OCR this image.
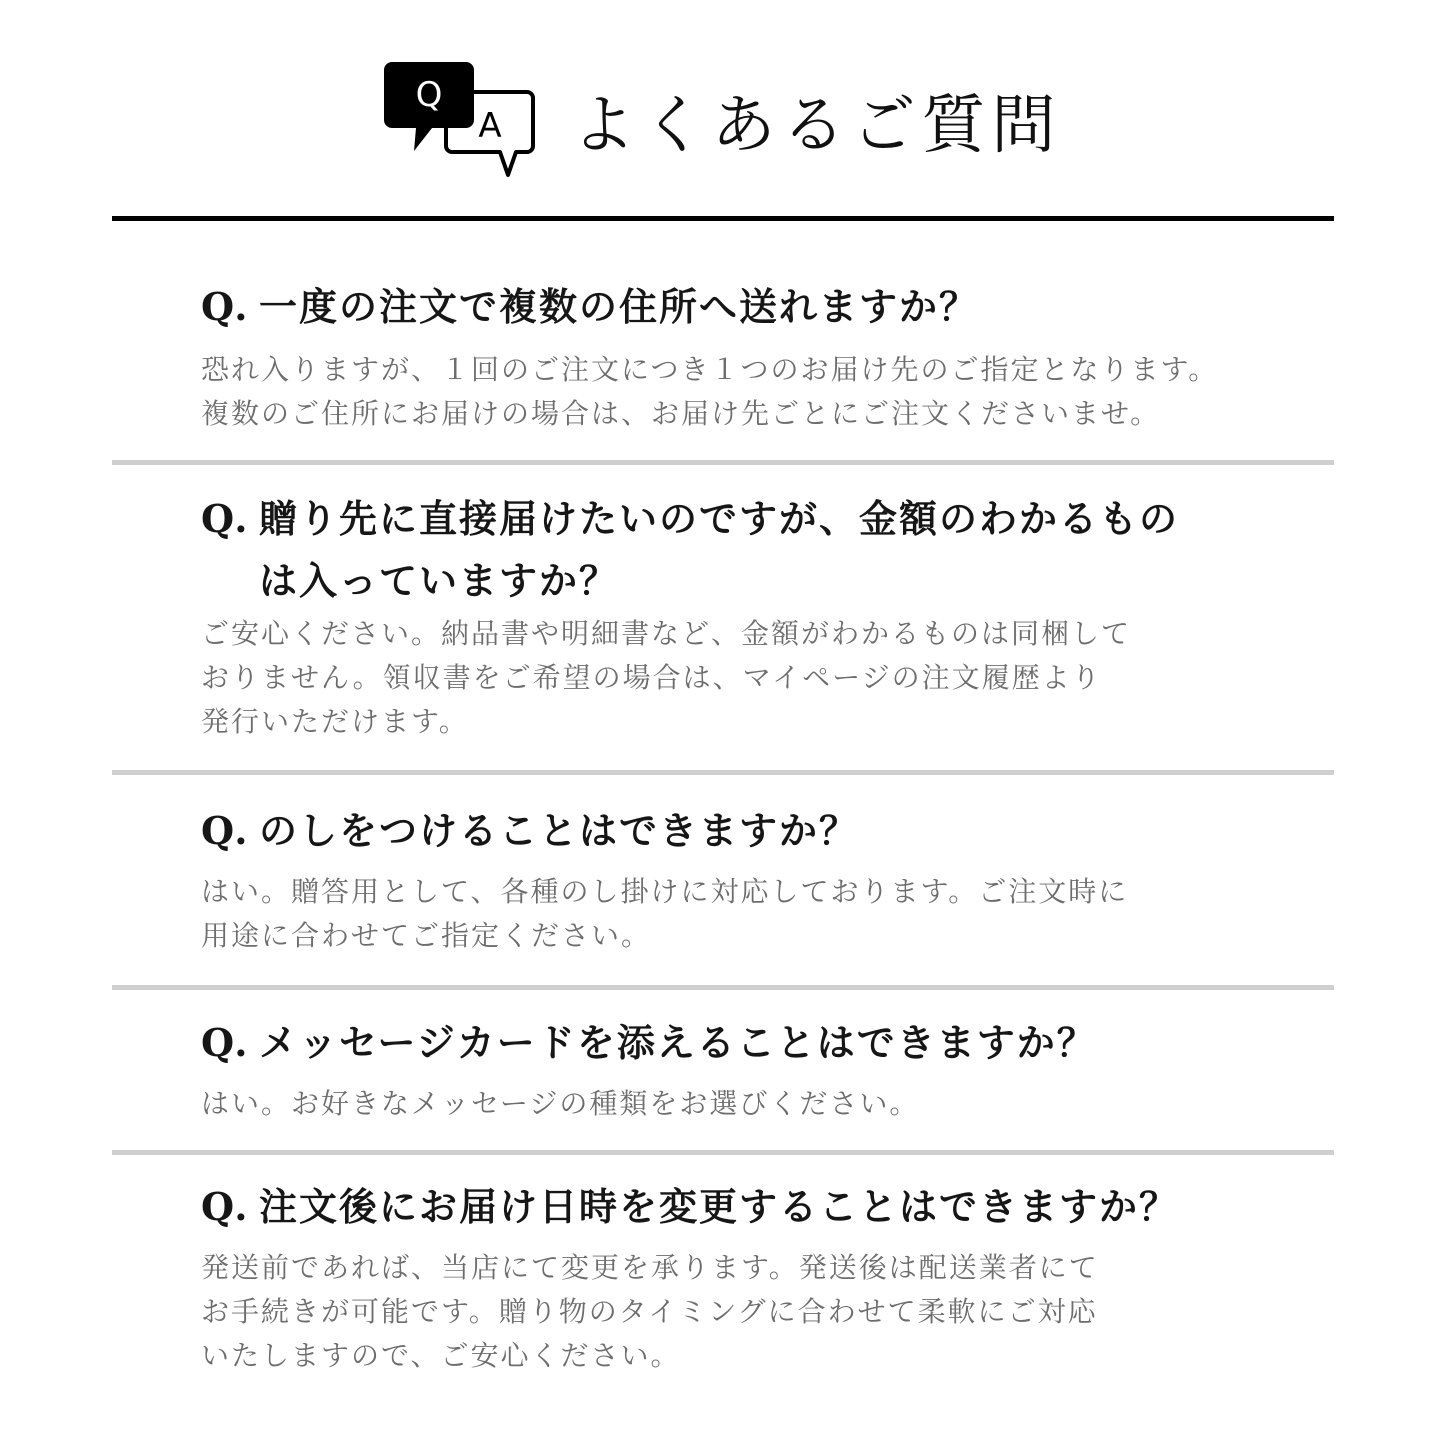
Q
A よくあるご質問
Q. 一度の注文で複数の住所へ送れますか？

恐れ入りますが、１回のご注文につき１つのお届け先のご指定となります。
複数のご住所にお届けの場合は、お届け先ごとにご注文くださいませ。

Q. 贈り先に直接届けたいのですが、金額のわかるもの
は入っていますか？

ご安心ください。納品書や明細書など、金額がわかるものは同梱して
おりません。領収書をご希望の場合は、マイページの注文履歴より
発行いただけます。

Q. のしをつけることはできますか？

はい。贈答用として、各種のし掛けに対応しております。ご注文時に
用途に合わせてご指定ください。

Q. メッセージカードを添えることはできますか？

はい。お好きなメッセージの種類をお選びください。

Q. 注文後にお届け日時を変更することはできますか？

発送前であれば、当店にて変更を承ります。発送後は配送業者にて
お手続きが可能です。贈り物のタイミングに合わせて柔軟にご対応
いたしますので、ご安心ください。
